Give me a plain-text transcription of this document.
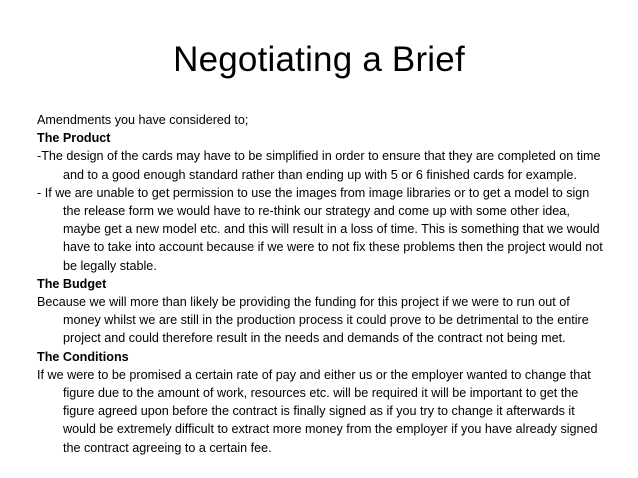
Negotiating a Brief

Amendments you have considered to;

The Product

-The design of the cards may have to be simplified in order to ensure that they are completed on time and to a good enough standard rather than ending up with 5 or 6 finished cards for example.

- If we are unable to get permission to use the images from image libraries or to get a model to sign the release form we would have to re-think our strategy and come up with some other idea, maybe get a new model etc. and this will result in a loss of time. This is something that we would have to take into account because if we were to not fix these problems then the project would not be legally stable.

The Budget

Because we will more than likely be providing the funding for this project if we were to run out of money whilst we are still in the production process it could prove to be detrimental to the entire project and could therefore result in the needs and demands of the contract not being met.

The Conditions

If we were to be promised a certain rate of pay and either us or the employer wanted to change that figure due to the amount of work, resources etc. will be required it will be important to get the figure agreed upon before the contract is finally signed as if you try to change it afterwards it would be extremely difficult to extract more money from the employer if you have already signed the contract agreeing to a certain fee.
